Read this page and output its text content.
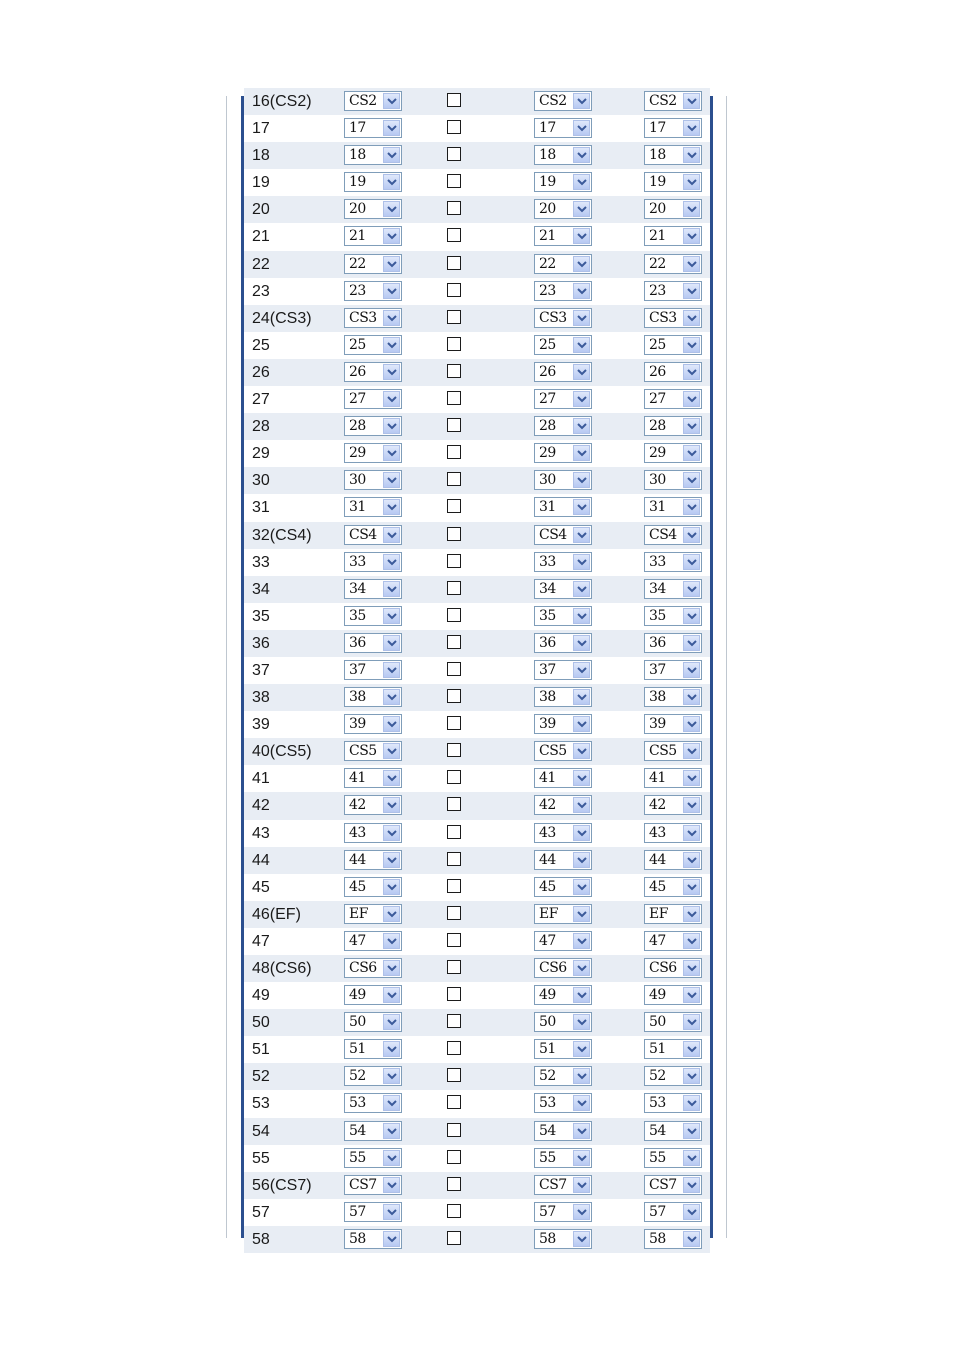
16(CS2)	CS2	CS2	CS2
17	17	17	17
18	18	18	18
19	19	19	19
20	20	20	20
21	21	21	21
22	22	22	22
23	23	23	23
24(CS3)	CS3	CS3	CS3
25	25	25	25
26	26	26	26
27	27	27	27
28	28	28	28
29	29	29	29
30	30	30	30
31	31	31	31
32(CS4)	CS4	CS4	CS4
33	33	33	33
34	34	34	34
35	35	35	35
36	36	36	36
37	37	37	37
38	38	38	38
39	39	39	39
40(CS5)	CS5	CS5	CS5
41	41	41	41
42	42	42	42
43	43	43	43
44	44	44	44
45	45	45	45
46(EF)	EF	EF	EF
47	47	47	47
48(CS6)	CS6	CS6	CS6
49	49	49	49
50	50	50	50
51	51	51	51
52	52	52	52
53	53	53	53
54	54	54	54
55	55	55	55
56(CS7)	CS7	CS7	CS7
57	57	57	57
58	58	58	58
